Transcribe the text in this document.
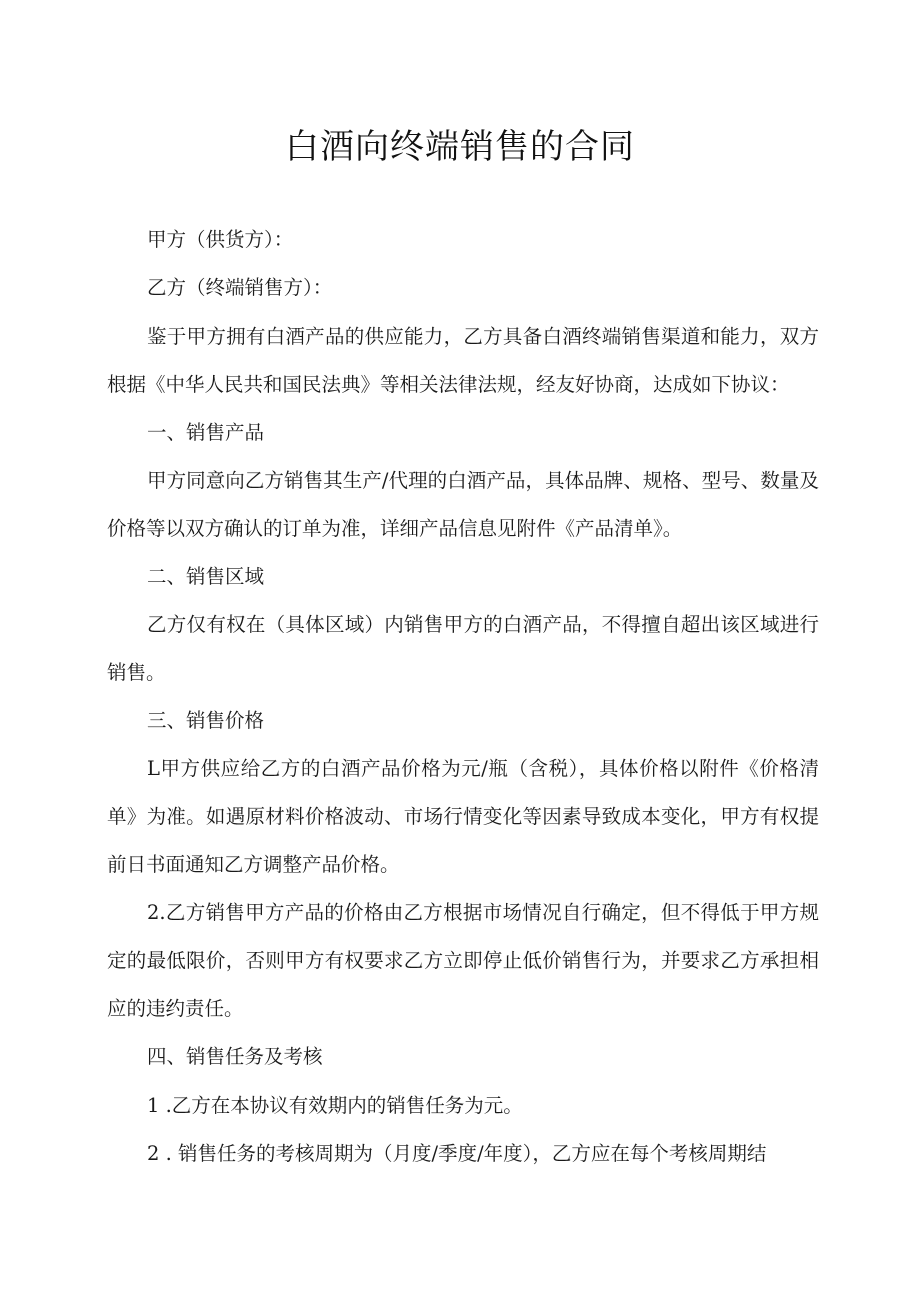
白酒向终端销售的合同

甲方（供货方）：

乙方（终端销售方）：

鉴于甲方拥有白酒产品的供应能力，乙方具备白酒终端销售渠道和能力，双方根据《中华人民共和国民法典》等相关法律法规，经友好协商，达成如下协议：

一、销售产品

甲方同意向乙方销售其生产/代理的白酒产品，具体品牌、规格、型号、数量及价格等以双方确认的订单为准，详细产品信息见附件《产品清单》。

二、销售区域

乙方仅有权在（具体区域）内销售甲方的白酒产品，不得擅自超出该区域进行销售。

三、销售价格

L甲方供应给乙方的白酒产品价格为元/瓶（含税），具体价格以附件《价格清单》为准。如遇原材料价格波动、市场行情变化等因素导致成本变化，甲方有权提前日书面通知乙方调整产品价格。

2.乙方销售甲方产品的价格由乙方根据市场情况自行确定，但不得低于甲方规定的最低限价，否则甲方有权要求乙方立即停止低价销售行为，并要求乙方承担相应的违约责任。

四、销售任务及考核

1 .乙方在本协议有效期内的销售任务为元。

2 . 销售任务的考核周期为（月度/季度/年度），乙方应在每个考核周期结
